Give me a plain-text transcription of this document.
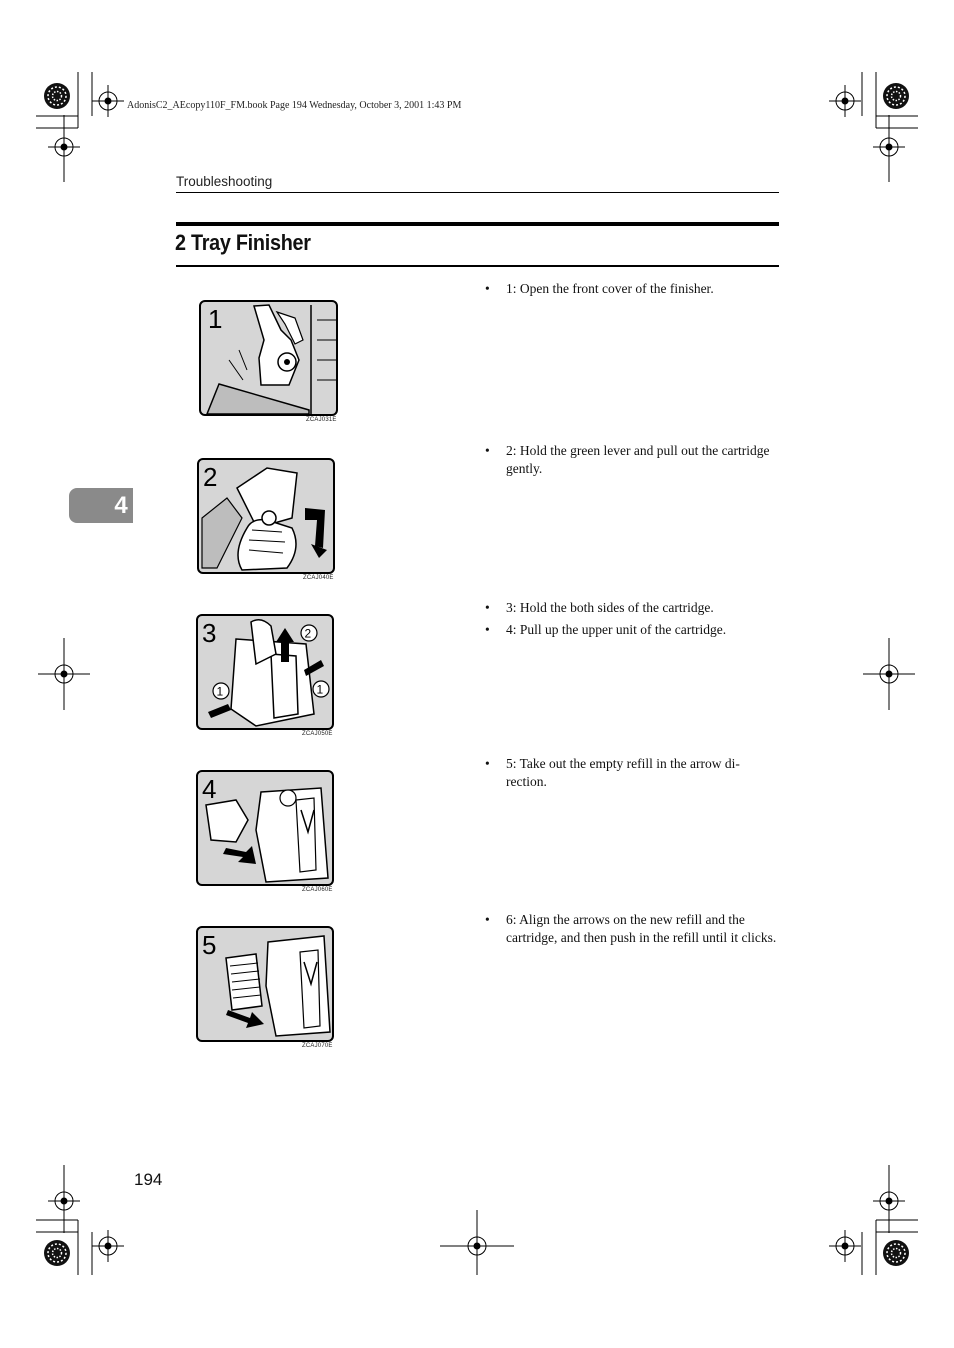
AdonisC2_AEcopy110F_FM.book Page 194 Wednesday, October 3, 2001 1:43 PM
Troubleshooting
2 Tray Finisher
4
1
ZCAJ031E
•	1: Open the front cover of the finisher.
2
ZCAJ040E
•	2: Hold the green lever and pull out the cartridge gently.
3	2
1	1
ZCAJ050E
•	3: Hold the both sides of the cartridge.
•	4: Pull up the upper unit of the cartridge.
4
ZCAJ060E
•	5: Take out the empty refill in the arrow di-rection.
5
ZCAJ070E
•	6: Align the arrows on the new refill and the cartridge, and then push in the refill until it clicks.
194
